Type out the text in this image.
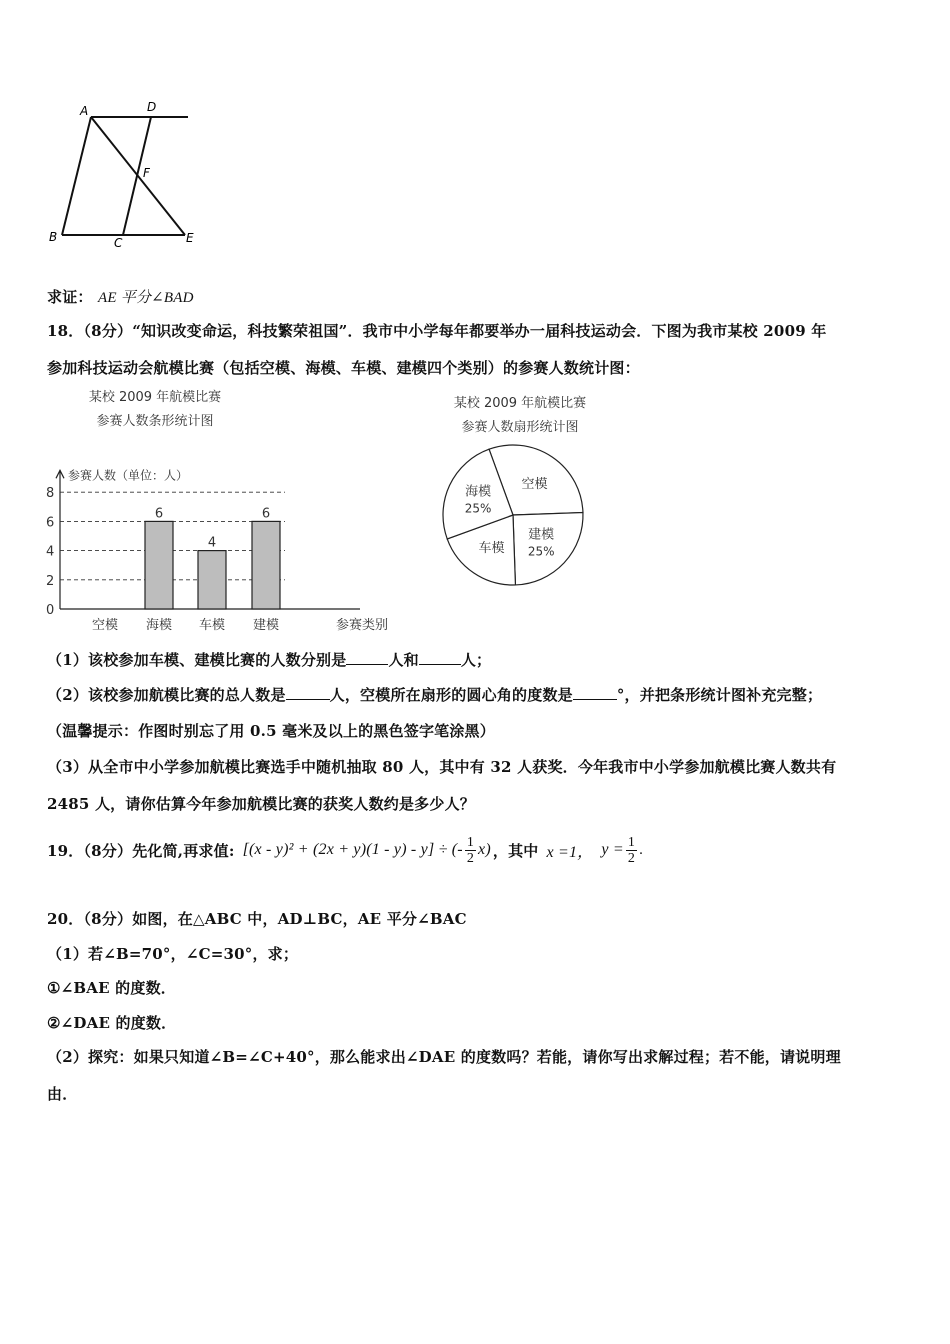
A	D
F
B	C	E
求证： AE 平分∠BAD
18．（8分）“知识改变命运，科技繁荣祖国”．我市中小学每年都要举办一届科技运动会．下图为我市某校 2009 年
参加科技运动会航模比赛（包括空模、海模、车模、建模四个类别）的参赛人数统计图：
某校 2009 年航模比赛
参赛人数条形统计图
参赛人数（单位：人）
0
2
4
6
8
空模 海模
6
车模
4
建模
6
参赛类别
某校 2009 年航模比赛
参赛人数扇形统计图
空模
建模
25%
车模
海模
25%
（1）该校参加车模、建模比赛的人数分别是	人和	人；
（2）该校参加航模比赛的总人数是	人，空模所在扇形的圆心角的度数是	°，并把条形统计图补充完整；
（温馨提示：作图时别忘了用 0.5 毫米及以上的黑色签字笔涂黑）
（3）从全市中小学参加航模比赛选手中随机抽取 80 人，其中有 32 人获奖．今年我市中小学参加航模比赛人数共有
2485 人，请你估算今年参加航模比赛的获奖人数约是多少人？
19．（8分）先化简,再求值: [(x - y)² + (2x + y)(1 - y) - y] ÷ (- $\frac{1}{2} x$) ，其中 x =1， $y = \frac{1}{2}$ .
20．（8分）如图，在△ABC 中，AD⊥BC，AE 平分∠BAC
（1）若∠B=70°，∠C=30°，求；
①∠BAE 的度数．
②∠DAE 的度数．
（2）探究：如果只知道∠B=∠C+40°，那么能求出∠DAE 的度数吗？若能，请你写出求解过程；若不能，请说明理
由．
